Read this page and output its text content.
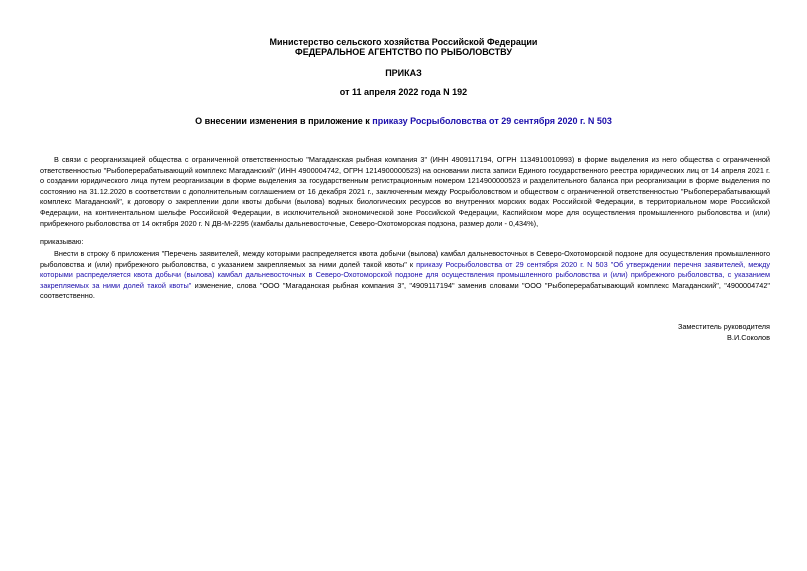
Министерство сельского хозяйства Российской Федерации
ФЕДЕРАЛЬНОЕ АГЕНТСТВО ПО РЫБОЛОВСТВУ
ПРИКАЗ
от 11 апреля 2022 года N 192
О внесении изменения в приложение к приказу Росрыболовства от 29 сентября 2020 г. N 503
В связи с реорганизацией общества с ограниченной ответственностью "Магаданская рыбная компания 3" (ИНН 4909117194, ОГРН 1134910010993) в форме выделения из него общества с ограниченной ответственностью "Рыбоперерабатывающий комплекс Магаданский" (ИНН 4900004742, ОГРН 1214900000523) на основании листа записи Единого государственного реестра юридических лиц от 14 апреля 2021 г. о создании юридического лица путем реорганизации в форме выделения за государственным регистрационным номером 1214900000523 и разделительного баланса при реорганизации в форме выделения по состоянию на 31.12.2020 в соответствии с дополнительным соглашением от 16 декабря 2021 г., заключенным между Росрыболовством и обществом с ограниченной ответственностью "Рыбоперерабатывающий комплекс Магаданский", к договору о закреплении доли квоты добычи (вылова) водных биологических ресурсов во внутренних морских водах Российской Федерации, в территориальном море Российской Федерации, на континентальном шельфе Российской Федерации, в исключительной экономической зоне Российской Федерации, Каспийском море для осуществления промышленного рыболовства и (или) прибрежного рыболовства от 14 октября 2020 г. N ДВ-М-2295 (камбалы дальневосточные, Северо-Охотоморская подзона, размер доли - 0,434%),
приказываю:
Внести в строку 6 приложения "Перечень заявителей, между которыми распределяется квота добычи (вылова) камбал дальневосточных в Северо-Охотоморской подзоне для осуществления промышленного рыболовства и (или) прибрежного рыболовства, с указанием закрепляемых за ними долей такой квоты" к приказу Росрыболовства от 29 сентября 2020 г. N 503 "Об утверждении перечня заявителей, между которыми распределяется квота добычи (вылова) камбал дальневосточных в Северо-Охотоморской подзоне для осуществления промышленного рыболовства и (или) прибрежного рыболовства, с указанием закрепляемых за ними долей такой квоты" изменение, слова "ООО "Магаданская рыбная компания 3", "4909117194" заменив словами "ООО "Рыбоперерабатывающий комплекс Магаданский", "4900004742" соответственно.
Заместитель руководителя
В.И.Соколов
